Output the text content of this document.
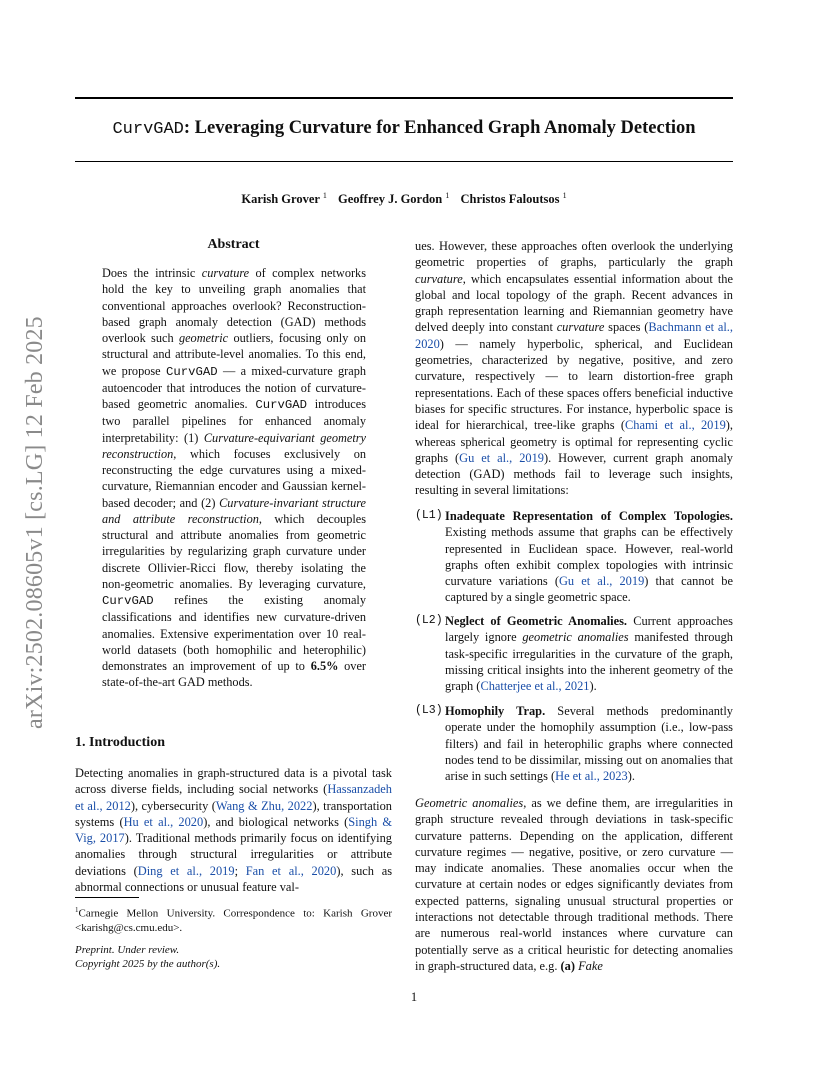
CurvGAD: Leveraging Curvature for Enhanced Graph Anomaly Detection
Karish Grover $^1$ Geoffrey J. Gordon $^1$ Christos Faloutsos $^1$
arXiv:2502.08605v1 [cs.LG] 12 Feb 2025
Abstract
Does the intrinsic curvature of complex networks hold the key to unveiling graph anomalies that conventional approaches overlook? Reconstruction-based graph anomaly detection (GAD) methods overlook such geometric outliers, focusing only on structural and attribute-level anomalies. To this end, we propose CurvGAD — a mixed-curvature graph autoencoder that introduces the notion of curvature-based geometric anomalies. CurvGAD introduces two parallel pipelines for enhanced anomaly interpretability: (1) Curvature-equivariant geometry reconstruction, which focuses exclusively on reconstructing the edge curvatures using a mixed-curvature, Riemannian encoder and Gaussian kernel-based decoder; and (2) Curvature-invariant structure and attribute reconstruction, which decouples structural and attribute anomalies from geometric irregularities by regularizing graph curvature under discrete Ollivier-Ricci flow, thereby isolating the non-geometric anomalies. By leveraging curvature, CurvGAD refines the existing anomaly classifications and identifies new curvature-driven anomalies. Extensive experimentation over 10 real-world datasets (both homophilic and heterophilic) demonstrates an improvement of up to 6.5% over state-of-the-art GAD methods.
1. Introduction
Detecting anomalies in graph-structured data is a pivotal task across diverse fields, including social networks (Hassanzadeh et al., 2012), cybersecurity (Wang & Zhu, 2022), transportation systems (Hu et al., 2020), and biological networks (Singh & Vig, 2017). Traditional methods primarily focus on identifying anomalies through structural irregularities or attribute deviations (Ding et al., 2019; Fan et al., 2020), such as abnormal connections or unusual feature val-
$^1$Carnegie Mellon University. Correspondence to: Karish Grover <karishg@cs.cmu.edu>.
Preprint. Under review.
Copyright 2025 by the author(s).
ues. However, these approaches often overlook the underlying geometric properties of graphs, particularly the graph curvature, which encapsulates essential information about the global and local topology of the graph. Recent advances in graph representation learning and Riemannian geometry have delved deeply into constant curvature spaces (Bachmann et al., 2020) — namely hyperbolic, spherical, and Euclidean geometries, characterized by negative, positive, and zero curvature, respectively — to learn distortion-free graph representations. Each of these spaces offers beneficial inductive biases for specific structures. For instance, hyperbolic space is ideal for hierarchical, tree-like graphs (Chami et al., 2019), whereas spherical geometry is optimal for representing cyclic graphs (Gu et al., 2019). However, current graph anomaly detection (GAD) methods fail to leverage such insights, resulting in several limitations:
(L1) Inadequate Representation of Complex Topologies. Existing methods assume that graphs can be effectively represented in Euclidean space. However, real-world graphs often exhibit complex topologies with intrinsic curvature variations (Gu et al., 2019) that cannot be captured by a single geometric space.
(L2) Neglect of Geometric Anomalies. Current approaches largely ignore geometric anomalies manifested through task-specific irregularities in the curvature of the graph, missing critical insights into the inherent geometry of the graph (Chatterjee et al., 2021).
(L3) Homophily Trap. Several methods predominantly operate under the homophily assumption (i.e., low-pass filters) and fail in heterophilic graphs where connected nodes tend to be dissimilar, missing out on anomalies that arise in such settings (He et al., 2023).
Geometric anomalies, as we define them, are irregularities in graph structure revealed through deviations in task-specific curvature patterns. Depending on the application, different curvature regimes — negative, positive, or zero curvature — may indicate anomalies. These anomalies occur when the curvature at certain nodes or edges significantly deviates from expected patterns, signaling unusual structural properties or interactions not detectable through traditional methods. There are numerous real-world instances where curvature can potentially serve as a critical heuristic for detecting anomalies in graph-structured data, e.g. (a) Fake
1
